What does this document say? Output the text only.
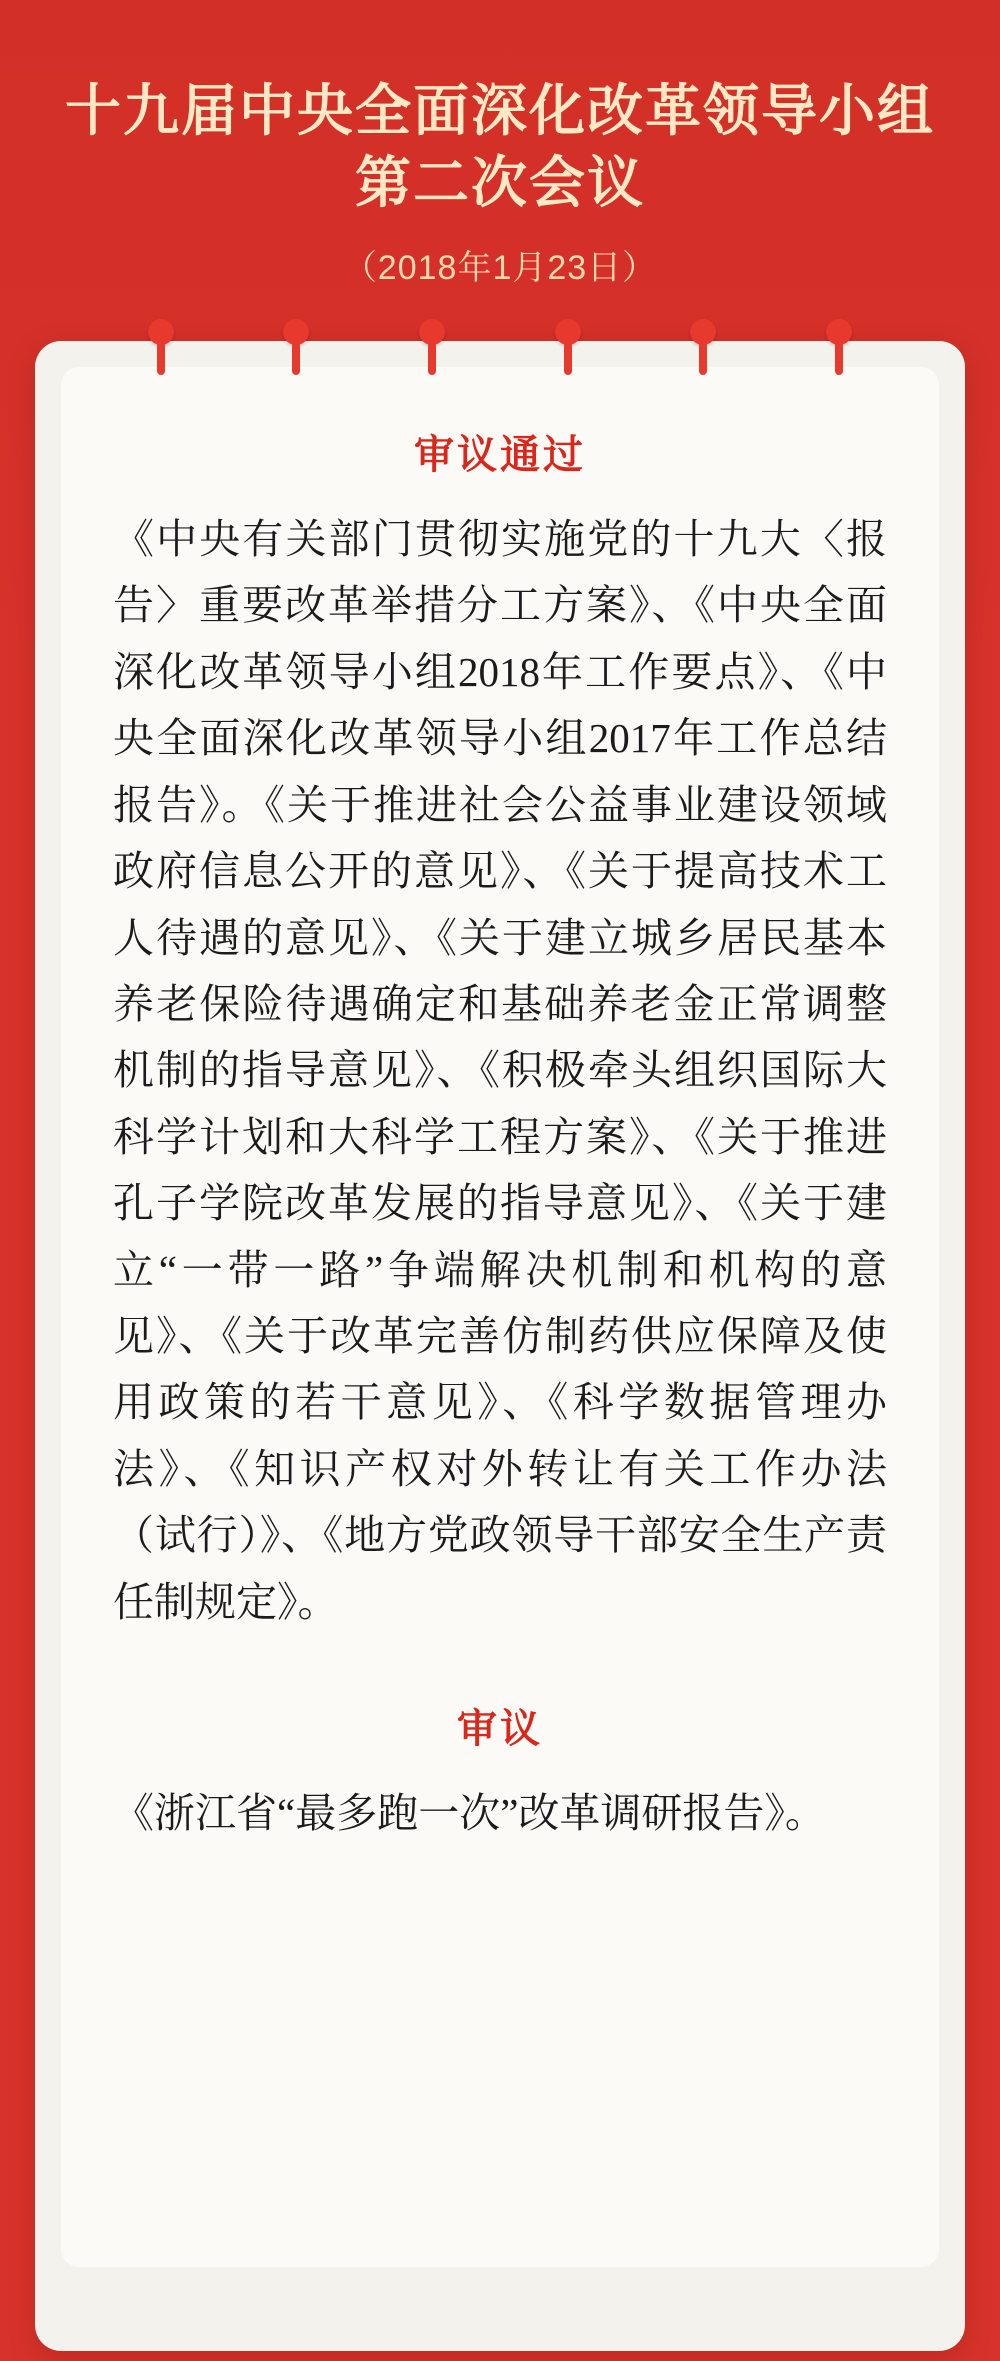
十九届中央全面深化改革领导小组
第二次会议
（2018年1月23日）
审议通过

《中央有关部门贯彻实施党的十九大〈报告〉重要改革举措分工方案》、《中央全面深化改革领导小组2018年工作要点》、《中央全面深化改革领导小组2017年工作总结报告》。《关于推进社会公益事业建设领域政府信息公开的意见》、《关于提高技术工人待遇的意见》、《关于建立城乡居民基本养老保险待遇确定和基础养老金正常调整机制的指导意见》、《积极牵头组织国际大科学计划和大科学工程方案》、《关于推进孔子学院改革发展的指导意见》、《关于建立“一带一路”争端解决机制和机构的意见》、《关于改革完善仿制药供应保障及使用政策的若干意见》、《科学数据管理办法》、《知识产权对外转让有关工作办法（试行）》、《地方党政领导干部安全生产责任制规定》。

审议

《浙江省“最多跑一次”改革调研报告》。
